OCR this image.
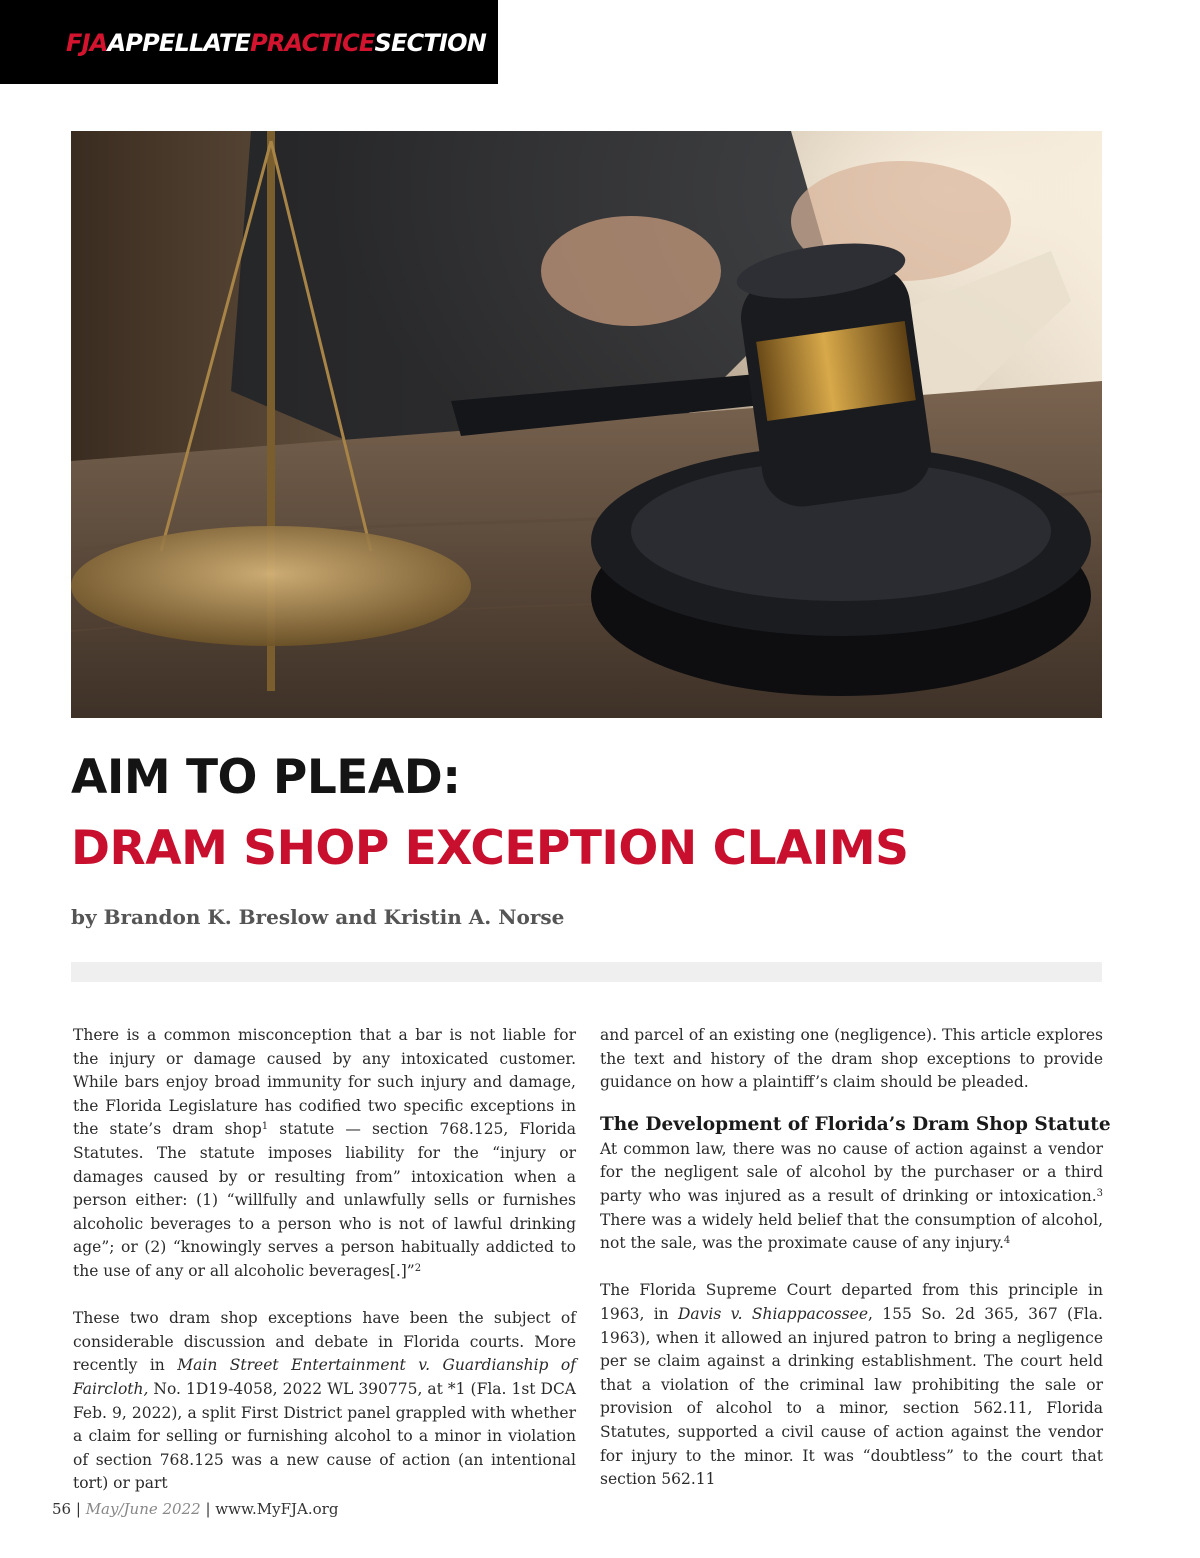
FJAAPPELLATEPRACTICESECTION
AIM TO PLEAD:
DRAM SHOP EXCEPTION CLAIMS

by Brandon K. Breslow and Kristin A. Norse

There is a common misconception that a bar is not liable for the injury or damage caused by any intoxicated customer. While bars enjoy broad immunity for such injury and damage, the Florida Legislature has codified two specific exceptions in the state’s dram shop$^1$ statute — section 768.125, Florida Statutes. The statute imposes liability for the “injury or damages caused by or resulting from” intoxication when a person either: (1) “willfully and unlawfully sells or furnishes alcoholic beverages to a person who is not of lawful drinking age”; or (2) “knowingly serves a person habitually addicted to the use of any or all alcoholic beverages[.]”$^2$

These two dram shop exceptions have been the subject of considerable discussion and debate in Florida courts. More recently in Main Street Entertainment v. Guardianship of Faircloth, No. 1D19-4058, 2022 WL 390775, at *1 (Fla. 1st DCA Feb. 9, 2022), a split First District panel grappled with whether a claim for selling or furnishing alcohol to a minor in violation of section 768.125 was a new cause of action (an intentional tort) or part

and parcel of an existing one (negligence). This article explores the text and history of the dram shop exceptions to provide guidance on how a plaintiff’s claim should be pleaded.

The Development of Florida’s Dram Shop Statute

At common law, there was no cause of action against a vendor for the negligent sale of alcohol by the purchaser or a third party who was injured as a result of drinking or intoxication.$^3$ There was a widely held belief that the consumption of alcohol, not the sale, was the proximate cause of any injury.$^4$

The Florida Supreme Court departed from this principle in 1963, in Davis v. Shiappacossee, 155 So. 2d 365, 367 (Fla. 1963), when it allowed an injured patron to bring a negligence per se claim against a drinking establishment. The court held that a violation of the criminal law prohibiting the sale or provision of alcohol to a minor, section 562.11, Florida Statutes, supported a civil cause of action against the vendor for injury to the minor. It was “doubtless” to the court that section 562.11

56 | May/June 2022 | www.MyFJA.org
